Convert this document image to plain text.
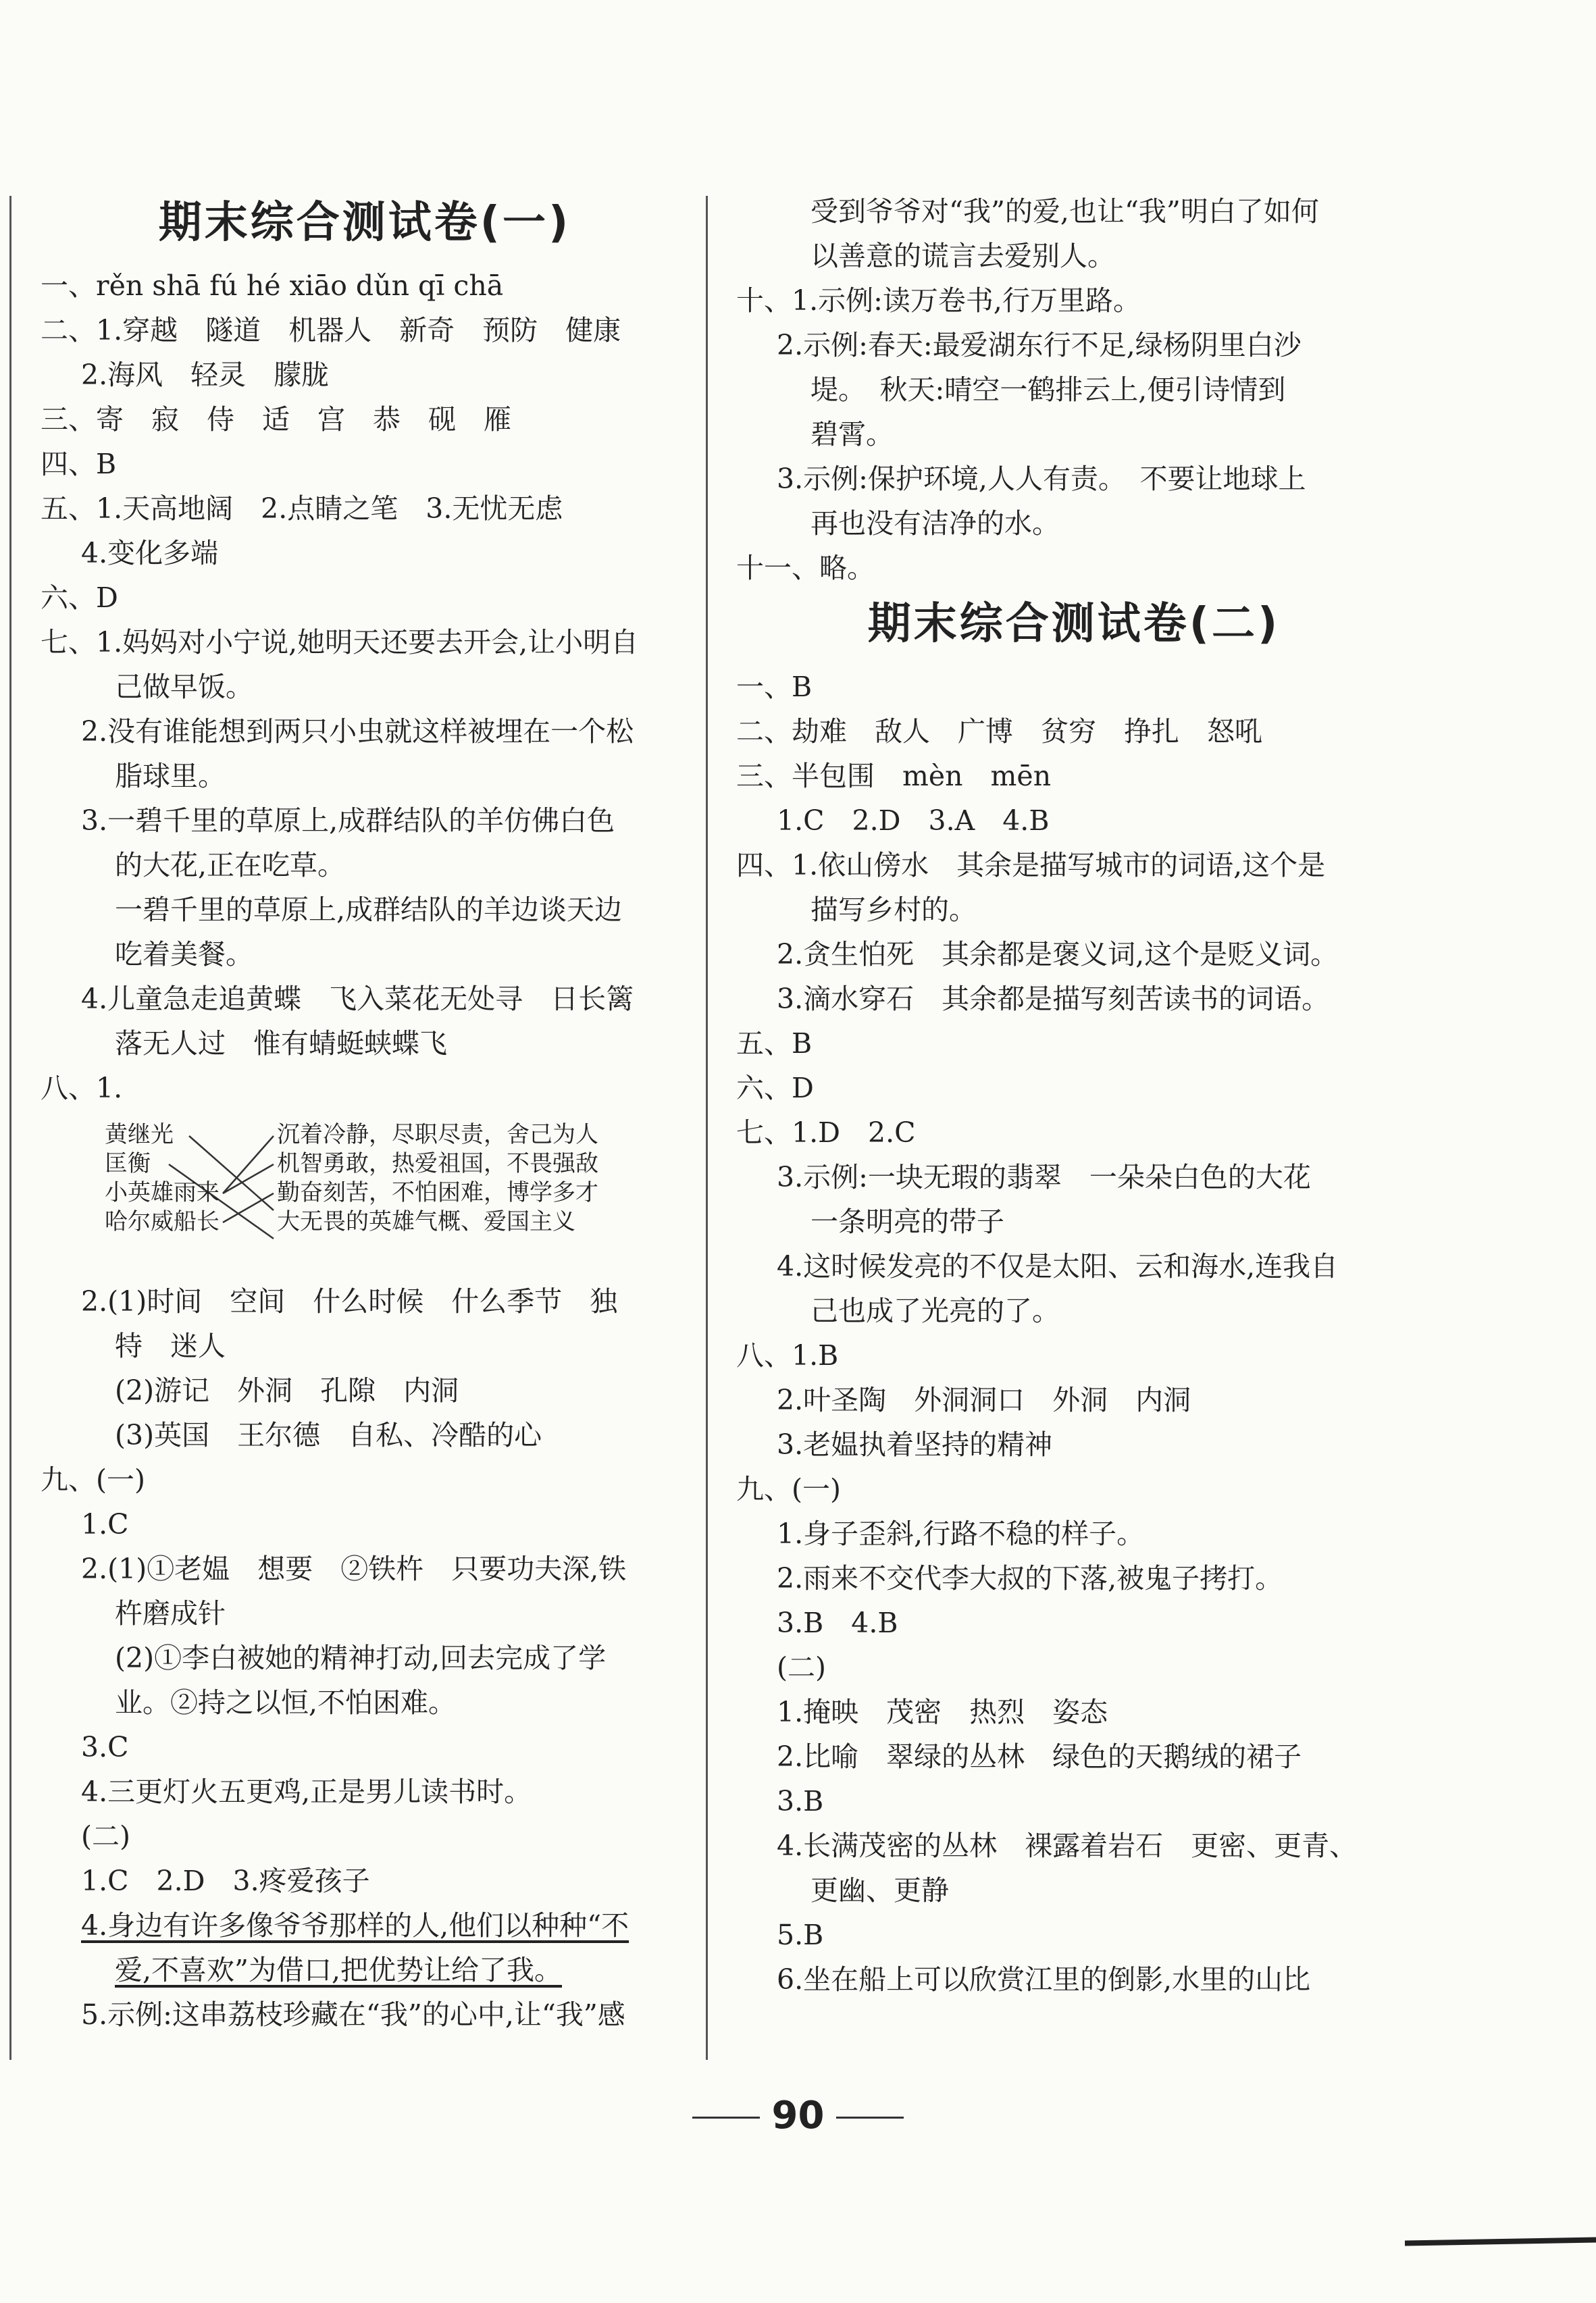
期末综合测试卷(一)
一、rěn shā fú hé xiāo dǔn qī chā
二、1.穿越　隧道　机器人　新奇　预防　健康
2.海风　轻灵　朦胧
三、寄　寂　侍　适　宫　恭　砚　雁
四、B
五、1.天高地阔　2.点睛之笔　3.无忧无虑
4.变化多端
六、D
七、1.妈妈对小宁说,她明天还要去开会,让小明自
己做早饭。
2.没有谁能想到两只小虫就这样被埋在一个松
脂球里。
3.一碧千里的草原上,成群结队的羊仿佛白色
的大花,正在吃草。
一碧千里的草原上,成群结队的羊边谈天边
吃着美餐。
4.儿童急走追黄蝶　飞入菜花无处寻　日长篱
落无人过　惟有蜻蜓蛱蝶飞
八、1.
黄继光
匡衡
小英雄雨来
哈尔威船长
沉着冷静，尽职尽责，舍己为人
机智勇敢，热爱祖国，不畏强敌
勤奋刻苦，不怕困难，博学多才
大无畏的英雄气概、爱国主义
2.(1)时间　空间　什么时候　什么季节　独
特　迷人
(2)游记　外洞　孔隙　内洞
(3)英国　王尔德　自私、冷酷的心
九、(一)
1.C
2.(1)①老媪　想要　②铁杵　只要功夫深,铁
杵磨成针
(2)①李白被她的精神打动,回去完成了学
业。②持之以恒,不怕困难。
3.C
4.三更灯火五更鸡,正是男儿读书时。
(二)
1.C　2.D　3.疼爱孩子
4.身边有许多像爷爷那样的人,他们以种种“不
爱,不喜欢”为借口,把优势让给了我。
5.示例:这串荔枝珍藏在“我”的心中,让“我”感
受到爷爷对“我”的爱,也让“我”明白了如何
以善意的谎言去爱别人。
十、1.示例:读万卷书,行万里路。
2.示例:春天:最爱湖东行不足,绿杨阴里白沙
堤。　秋天:晴空一鹤排云上,便引诗情到
碧霄。
3.示例:保护环境,人人有责。　不要让地球上
再也没有洁净的水。
十一、略。
期末综合测试卷(二)
一、B
二、劫难　敌人　广博　贫穷　挣扎　怒吼
三、半包围　mèn　mēn
1.C　2.D　3.A　4.B
四、1.依山傍水　其余是描写城市的词语,这个是
描写乡村的。
2.贪生怕死　其余都是褒义词,这个是贬义词。
3.滴水穿石　其余都是描写刻苦读书的词语。
五、B
六、D
七、1.D　2.C
3.示例:一块无瑕的翡翠　一朵朵白色的大花
一条明亮的带子
4.这时候发亮的不仅是太阳、云和海水,连我自
己也成了光亮的了。
八、1.B
2.叶圣陶　外洞洞口　外洞　内洞
3.老媪执着坚持的精神
九、(一)
1.身子歪斜,行路不稳的样子。
2.雨来不交代李大叔的下落,被鬼子拷打。
3.B　4.B
(二)
1.掩映　茂密　热烈　姿态
2.比喻　翠绿的丛林　绿色的天鹅绒的裙子
3.B
4.长满茂密的丛林　裸露着岩石　更密、更青、
更幽、更静
5.B
6.坐在船上可以欣赏江里的倒影,水里的山比
90
